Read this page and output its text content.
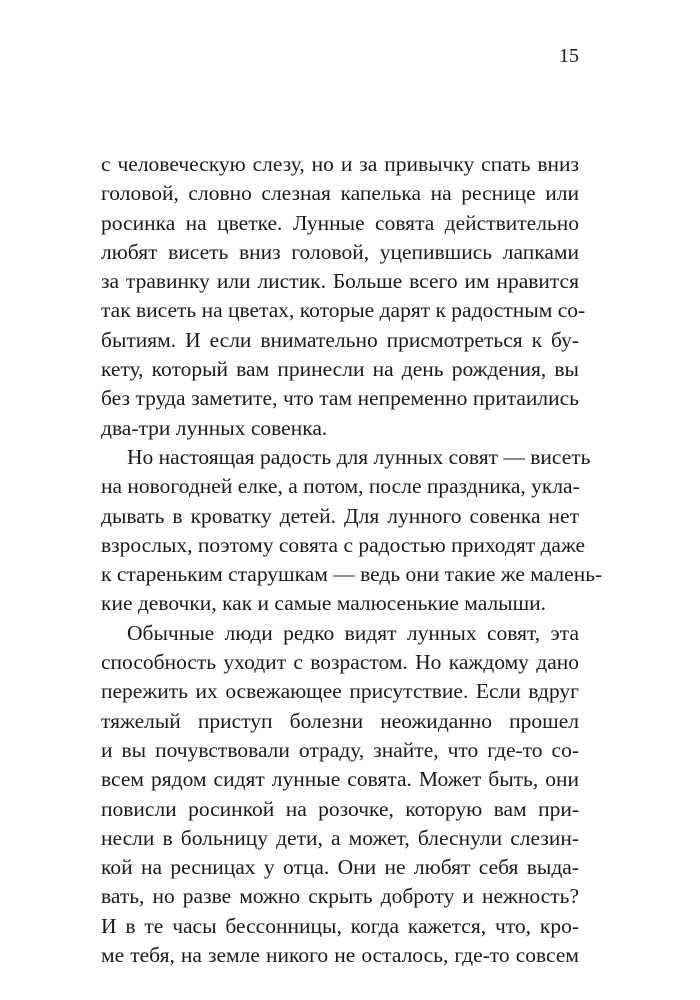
15
с человеческую слезу, но и за привычку спать вниз
головой, словно слезная капелька на реснице или
росинка на цветке. Лунные совята действительно
любят висеть вниз головой, уцепившись лапками
за травинку или листик. Больше всего им нравится
так висеть на цветах, которые дарят к радостным со-
бытиям. И если внимательно присмотреться к бу-
кету, который вам принесли на день рождения, вы
без труда заметите, что там непременно притаились
два-три лунных совенка.
Но настоящая радость для лунных совят — висеть
на новогодней елке, а потом, после праздника, укла-
дывать в кроватку детей. Для лунного совенка нет
взрослых, поэтому совята с радостью приходят даже
к стареньким старушкам — ведь они такие же малень-
кие девочки, как и самые малюсенькие малыши.
Обычные люди редко видят лунных совят, эта
способность уходит с возрастом. Но каждому дано
пережить их освежающее присутствие. Если вдруг
тяжелый приступ болезни неожиданно прошел
и вы почувствовали отраду, знайте, что где-то со-
всем рядом сидят лунные совята. Может быть, они
повисли росинкой на розочке, которую вам при-
несли в больницу дети, а может, блеснули слезин-
кой на ресницах у отца. Они не любят себя выда-
вать, но разве можно скрыть доброту и нежность?
И в те часы бессонницы, когда кажется, что, кро-
ме тебя, на земле никого не осталось, где-то совсем
